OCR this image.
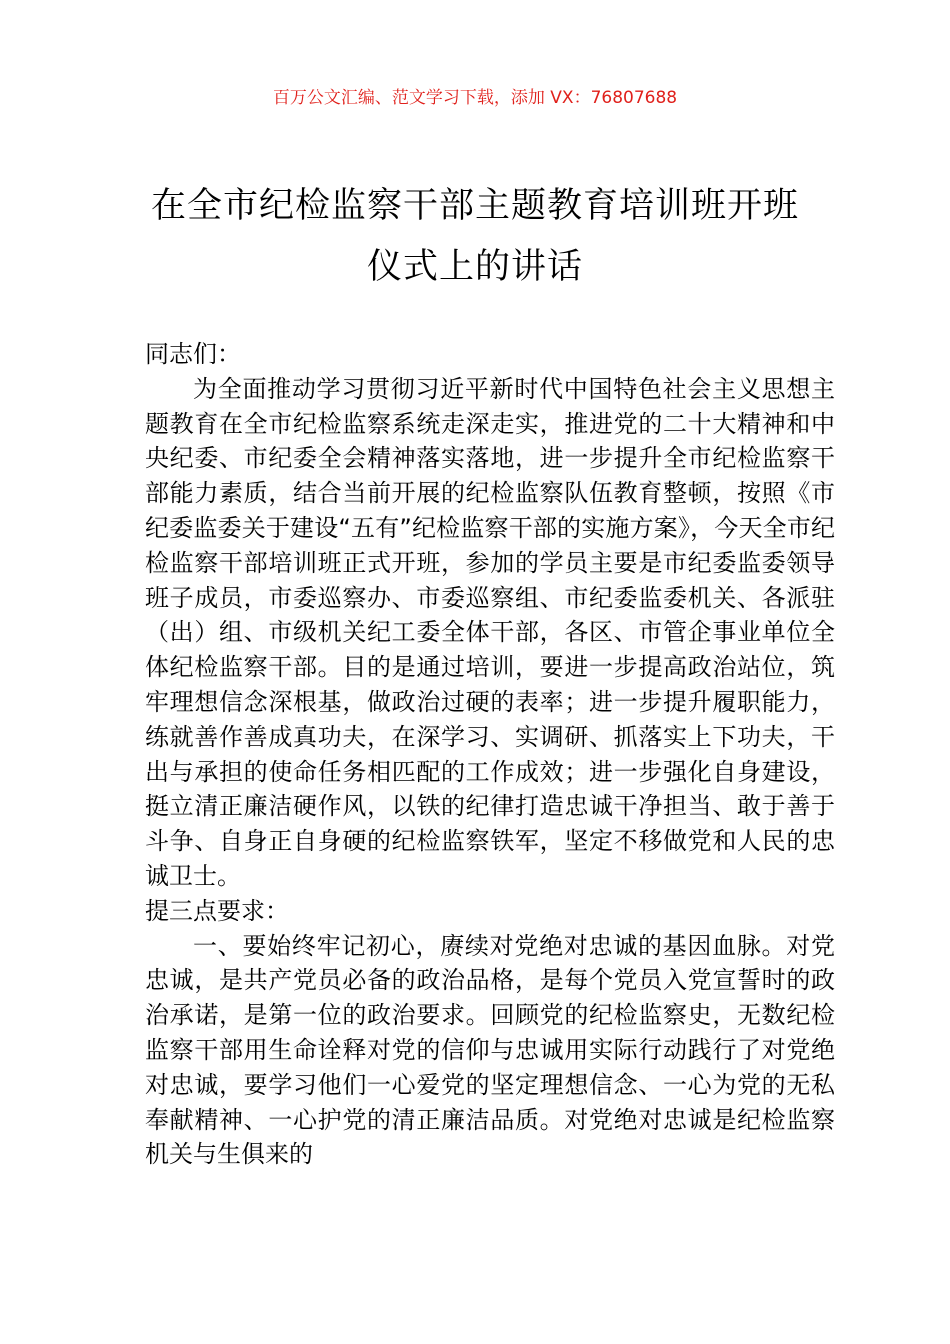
百万公文汇编、范文学习下载，添加 VX：76807688
在全市纪检监察干部主题教育培训班开班
仪式上的讲话

同志们：

为全面推动学习贯彻习近平新时代中国特色社会主义思想主题教育在全市纪检监察系统走深走实，推进党的二十大精神和中央纪委、市纪委全会精神落实落地，进一步提升全市纪检监察干部能力素质，结合当前开展的纪检监察队伍教育整顿，按照《市纪委监委关于建设“五有”纪检监察干部的实施方案》，今天全市纪检监察干部培训班正式开班，参加的学员主要是市纪委监委领导班子成员，市委巡察办、市委巡察组、市纪委监委机关、各派驻（出）组、市级机关纪工委全体干部，各区、市管企事业单位全体纪检监察干部。目的是通过培训，要进一步提高政治站位，筑牢理想信念深根基，做政治过硬的表率；进一步提升履职能力，练就善作善成真功夫，在深学习、实调研、抓落实上下功夫，干出与承担的使命任务相匹配的工作成效；进一步强化自身建设，挺立清正廉洁硬作风，以铁的纪律打造忠诚干净担当、敢于善于斗争、自身正自身硬的纪检监察铁军，坚定不移做党和人民的忠诚卫士。

提三点要求：

一、要始终牢记初心，赓续对党绝对忠诚的基因血脉。对党忠诚，是共产党员必备的政治品格，是每个党员入党宣誓时的政治承诺，是第一位的政治要求。回顾党的纪检监察史，无数纪检监察干部用生命诠释对党的信仰与忠诚用实际行动践行了对党绝对忠诚，要学习他们一心爱党的坚定理想信念、一心为党的无私奉献精神、一心护党的清正廉洁品质。对党绝对忠诚是纪检监察机关与生俱来的
